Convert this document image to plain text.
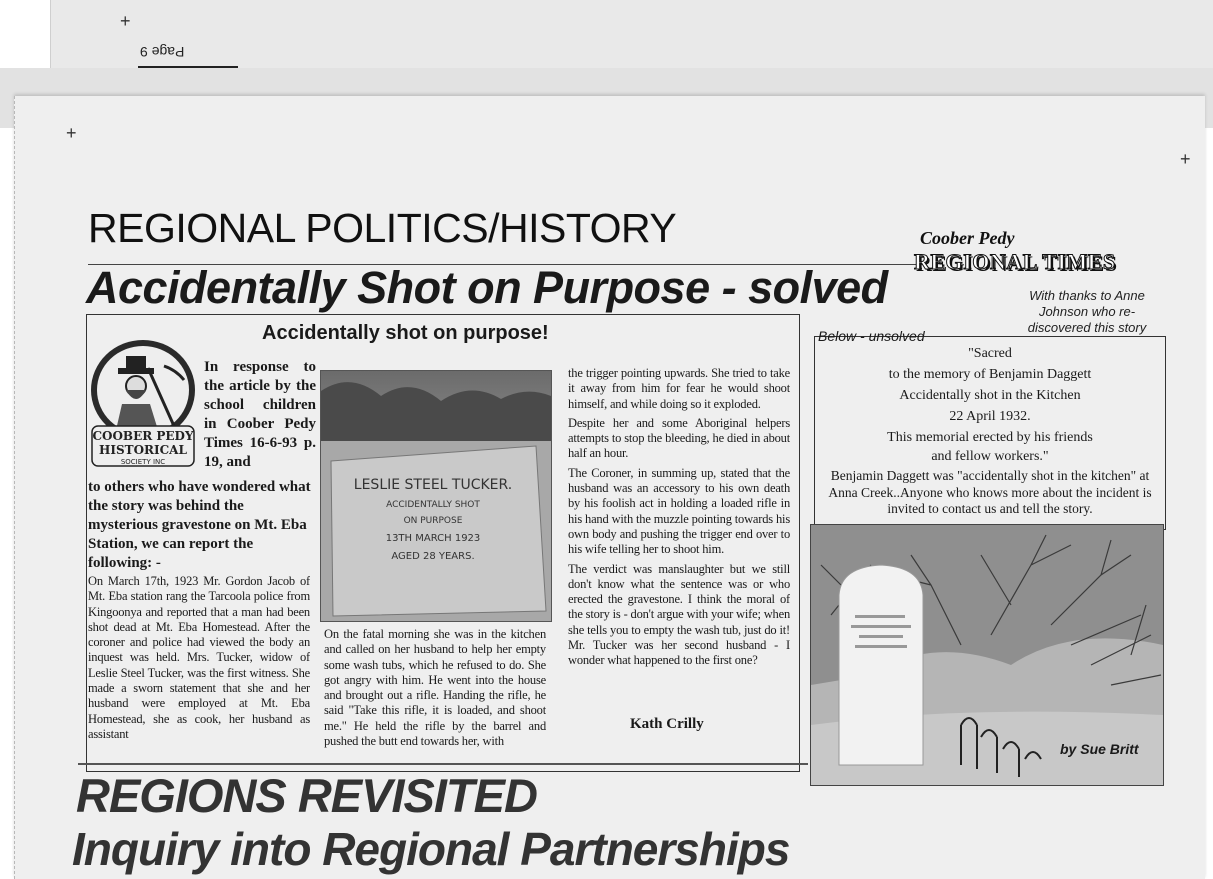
Page 9
+
+
+

REGIONAL POLITICS/HISTORY	Coober Pedy
REGIONAL TIMES
Accidentally Shot on Purpose - solved	With thanks to Anne Johnson who re-discovered this story
Accidentally shot on purpose!
COOBER PEDY
HISTORICAL
SOCIETY INC
In response to the article by the school children in Coober Pedy Times 16-6-93 p. 19, and
to others who have wondered what the story was behind the mysterious gravestone on Mt. Eba Station, we can report the following: -
On March 17th, 1923 Mr. Gordon Jacob of Mt. Eba station rang the Tarcoola police from Kingoonya and reported that a man had been shot dead at Mt. Eba Homestead. After the coroner and police had viewed the body an inquest was held. Mrs. Tucker, widow of Leslie Steel Tucker, was the first witness. She made a sworn statement that she and her husband were employed at Mt. Eba Homestead, she as cook, her husband as assistant
LESLIE STEEL TUCKER.
ACCIDENTALLY SHOT
ON PURPOSE
13TH MARCH 1923
AGED 28 YEARS.
On the fatal morning she was in the kitchen and called on her husband to help her empty some wash tubs, which he refused to do. She got angry with him. He went into the house and brought out a rifle. Handing the rifle, he said "Take this rifle, it is loaded, and shoot me." He held the rifle by the barrel and pushed the butt end towards her, with

the trigger pointing upwards. She tried to take it away from him for fear he would shoot himself, and while doing so it exploded.

Despite her and some Aboriginal helpers attempts to stop the bleeding, he died in about half an hour.

The Coroner, in summing up, stated that the husband was an accessory to his own death by his foolish act in holding a loaded rifle in his hand with the muzzle pointing towards his own body and pushing the trigger end over to his wife telling her to shoot him.

The verdict was manslaughter but we still don't know what the sentence was or who erected the gravestone. I think the moral of the story is - don't argue with your wife; when she tells you to empty the wash tub, just do it! Mr. Tucker was her second husband - I wonder what happened to the first one?

Kath Crilly
Below - unsolved
"Sacred
to the memory of Benjamin Daggett
Accidentally shot in the Kitchen
22 April 1932.
This memorial erected by his friends
and fellow workers."
Benjamin Daggett was "accidentally shot in the kitchen" at Anna Creek..Anyone who knows more about the incident is invited to contact us and tell the story.
by Sue Britt
REGIONS REVISITED
Inquiry into Regional Partnerships
